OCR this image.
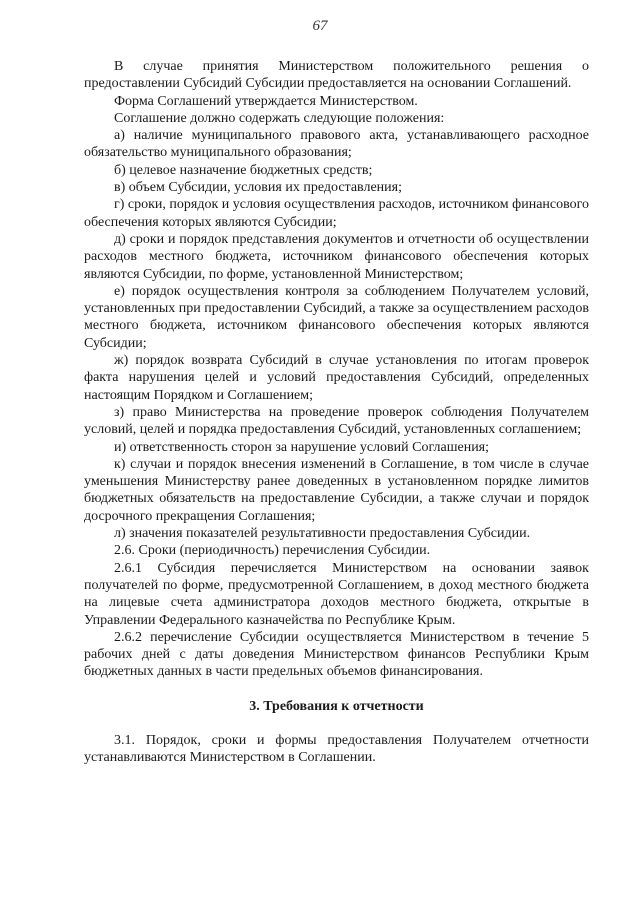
67

В случае принятия Министерством положительного решения о предоставлении Субсидий Субсидии предоставляется на основании Соглашений.

Форма Соглашений утверждается Министерством.

Соглашение должно содержать следующие положения:

а) наличие муниципального правового акта, устанавливающего расходное обязательство муниципального образования;

б) целевое назначение бюджетных средств;

в) объем Субсидии, условия их предоставления;

г) сроки, порядок и условия осуществления расходов, источником финансового обеспечения которых являются Субсидии;

д) сроки и порядок представления документов и отчетности об осуществлении расходов местного бюджета, источником финансового обеспечения которых являются Субсидии, по форме, установленной Министерством;

е) порядок осуществления контроля за соблюдением Получателем условий, установленных при предоставлении Субсидий, а также за осуществлением расходов местного бюджета, источником финансового обеспечения которых являются Субсидии;

ж) порядок возврата Субсидий в случае установления по итогам проверок факта нарушения целей и условий предоставления Субсидий, определенных настоящим Порядком и Соглашением;

з) право Министерства на проведение проверок соблюдения Получателем условий, целей и порядка предоставления Субсидий, установленных соглашением;

и) ответственность сторон за нарушение условий Соглашения;

к) случаи и порядок внесения изменений в Соглашение, в том числе в случае уменьшения Министерству ранее доведенных в установленном порядке лимитов бюджетных обязательств на предоставление Субсидии, а также случаи и порядок досрочного прекращения Соглашения;

л) значения показателей результативности предоставления Субсидии.

2.6. Сроки (периодичность) перечисления Субсидии.

2.6.1 Субсидия перечисляется Министерством на основании заявок получателей по форме, предусмотренной Соглашением, в доход местного бюджета на лицевые счета администратора доходов местного бюджета, открытые в Управлении Федерального казначейства по Республике Крым.

2.6.2 перечисление Субсидии осуществляется Министерством в течение 5 рабочих дней с даты доведения Министерством финансов Республики Крым бюджетных данных в части предельных объемов финансирования.

3. Требования к отчетности

3.1. Порядок, сроки и формы предоставления Получателем отчетности устанавливаются Министерством в Соглашении.
